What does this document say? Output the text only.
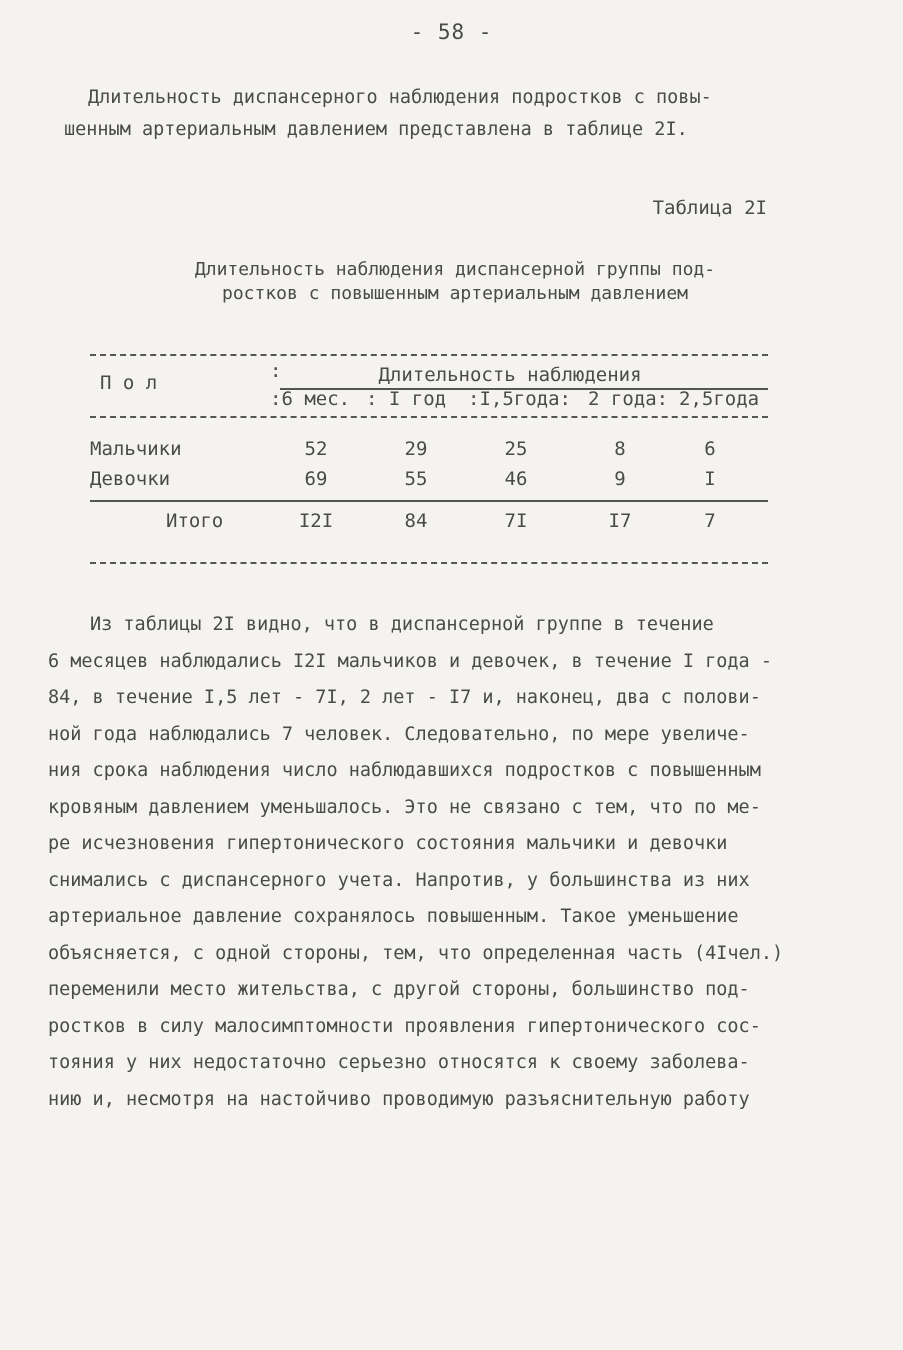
- 58 -

Длительность диспансерного наблюдения подростков с повы-
шенным артериальным давлением представлена в таблице 2I.

Таблица 2I
Длительность наблюдения диспансерной группы под-
ростков с повышенным артериальным давлением
П о л
:	Длительность наблюдения
:6 мес. : I год :I,5года: 2 года: 2,5года
Мальчики	52	29	25	8	6
Девочки	69	55	46	9	I
Итого	I2I	84	7I	I7	7

Из таблицы 2I видно, что в диспансерной группе в течение
6 месяцев наблюдались I2I мальчиков и девочек, в течение I года -
84, в течение I,5 лет - 7I, 2 лет - I7 и, наконец, два с полови-
ной года наблюдались 7 человек. Следовательно, по мере увеличе-
ния срока наблюдения число наблюдавшихся подростков с повышенным
кровяным давлением уменьшалось. Это не связано с тем, что по ме-
ре исчезновения гипертонического состояния мальчики и девочки
снимались с диспансерного учета. Напротив, у большинства из них
артериальное давление сохранялось повышенным. Такое уменьшение
объясняется, с одной стороны, тем, что определенная часть (4Iчел.)
переменили место жительства, с другой стороны, большинство под-
ростков в силу малосимптомности проявления гипертонического сос-
тояния у них недостаточно серьезно относятся к своему заболева-
нию и, несмотря на настойчиво проводимую разъяснительную работу
